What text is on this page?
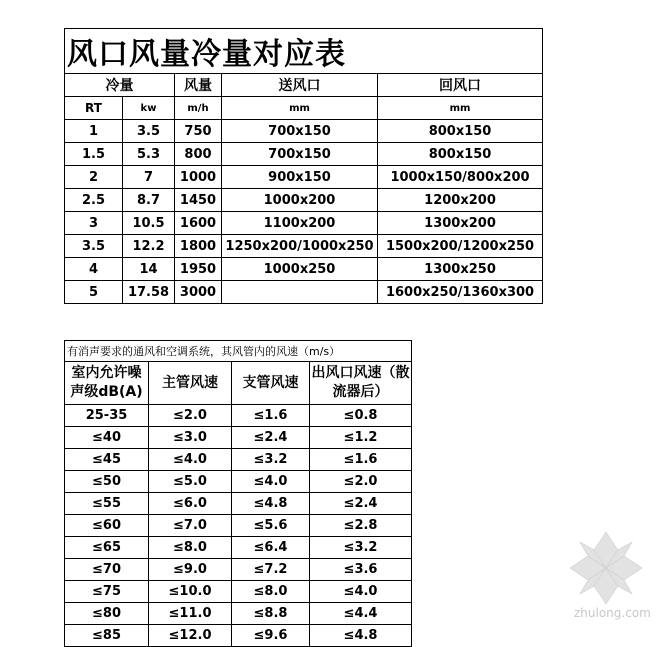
风口风量冷量对应表				
冷量		风量	送风口	回风口
RT	kw	m/h	mm	mm
1	3.5	750	700x150	800x150
1.5	5.3	800	700x150	800x150
2	7	1000	900x150	1000x150/800x200
2.5	8.7	1450	1000x200	1200x200
3	10.5	1600	1100x200	1300x200
3.5	12.2	1800	1250x200/1000x250	1500x200/1200x250
4	14	1950	1000x250	1300x250
5	17.58	3000		1600x250/1360x300
有消声要求的通风和空调系统，其风管内的风速（m/s）			
室内允许噪声级dB(A)	主管风速	支管风速	出风口风速（散流器后）
25-35	≤2.0	≤1.6	≤0.8
≤40	≤3.0	≤2.4	≤1.2
≤45	≤4.0	≤3.2	≤1.6
≤50	≤5.0	≤4.0	≤2.0
≤55	≤6.0	≤4.8	≤2.4
≤60	≤7.0	≤5.6	≤2.8
≤65	≤8.0	≤6.4	≤3.2
≤70	≤9.0	≤7.2	≤3.6
≤75	≤10.0	≤8.0	≤4.0
≤80	≤11.0	≤8.8	≤4.4
≤85	≤12.0	≤9.6	≤4.8
zhulong.com
